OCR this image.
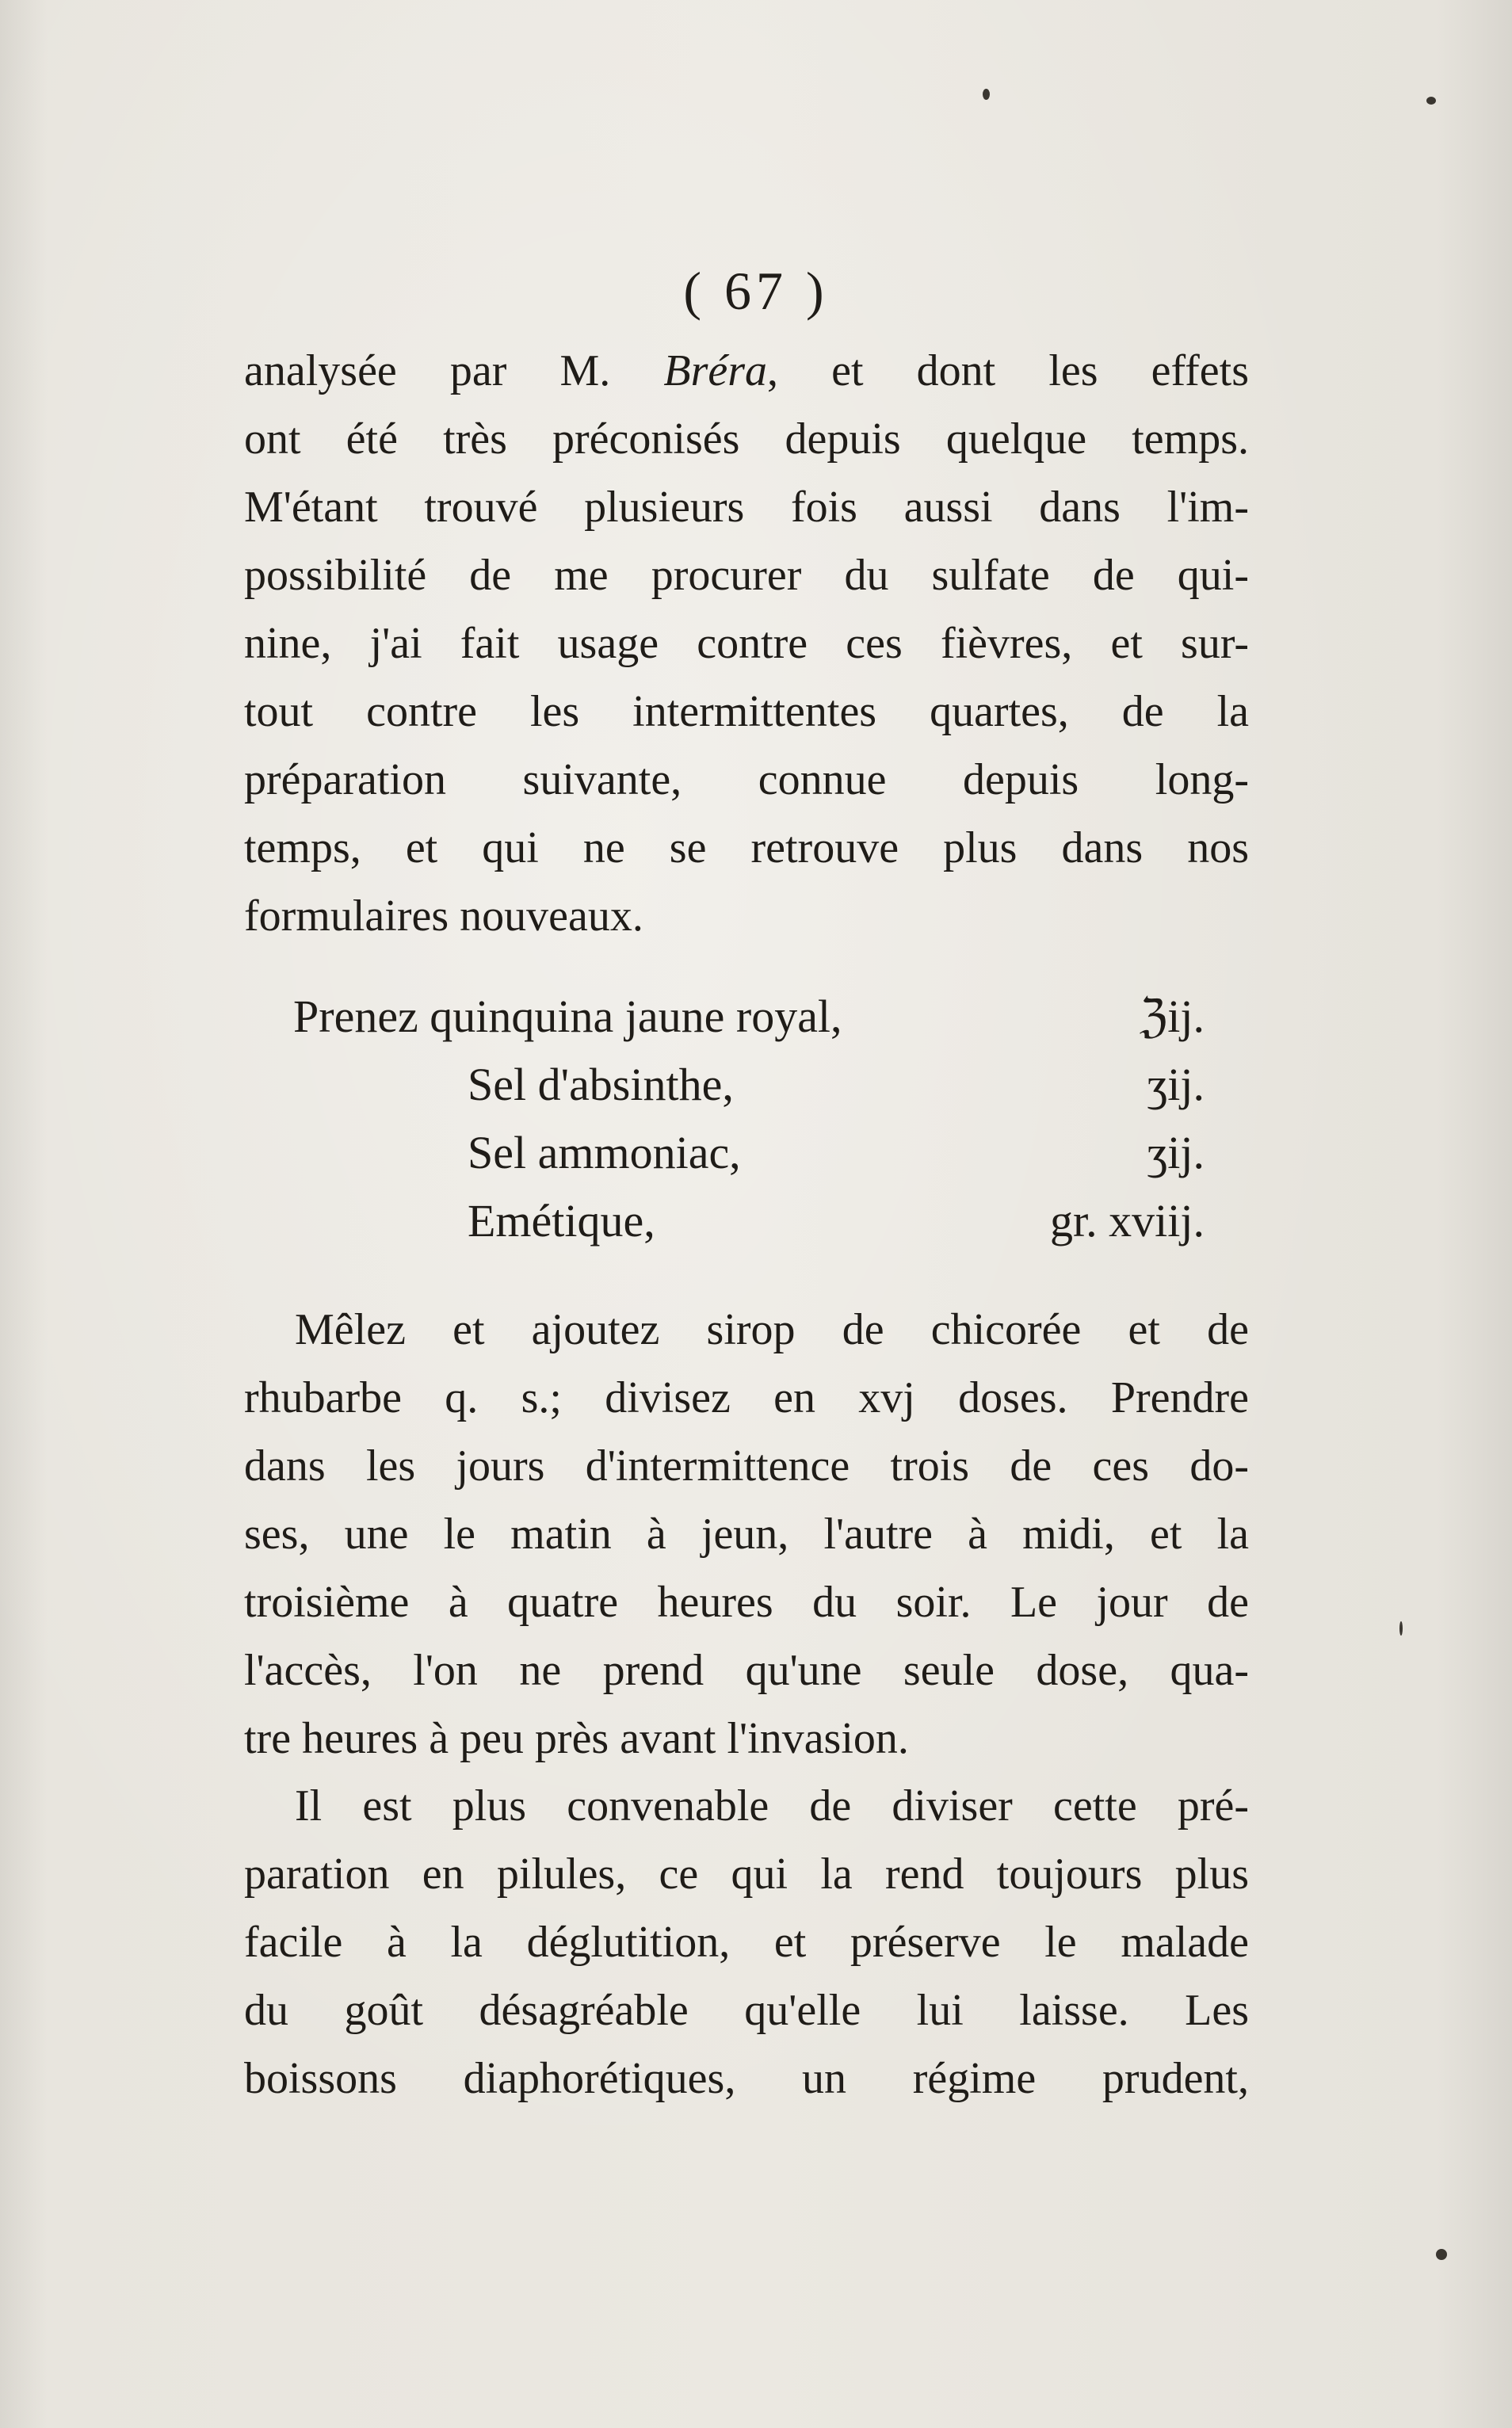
( 67 )
analysée par M. Bréra, et dont les effets
ont été très préconisés depuis quelque temps.
M'étant trouvé plusieurs fois aussi dans l'im-
possibilité de me procurer du sulfate de qui-
nine, j'ai fait usage contre ces fièvres, et sur-
tout contre les intermittentes quartes, de la
préparation suivante, connue depuis long-
temps, et qui ne se retrouve plus dans nos
formulaires nouveaux.
Prenez quinquina jaune royal,	ℨij.
Sel d'absinthe,	ʒij.
Sel ammoniac,	ʒij.
Emétique,	gr. xviij.
Mêlez et ajoutez sirop de chicorée et de
rhubarbe q. s.; divisez en xvj doses. Prendre
dans les jours d'intermittence trois de ces do-
ses, une le matin à jeun, l'autre à midi, et la
troisième à quatre heures du soir. Le jour de
l'accès, l'on ne prend qu'une seule dose, qua-
tre heures à peu près avant l'invasion.
Il est plus convenable de diviser cette pré-
paration en pilules, ce qui la rend toujours plus
facile à la déglutition, et préserve le malade
du goût désagréable qu'elle lui laisse. Les
boissons diaphorétiques, un régime prudent,
